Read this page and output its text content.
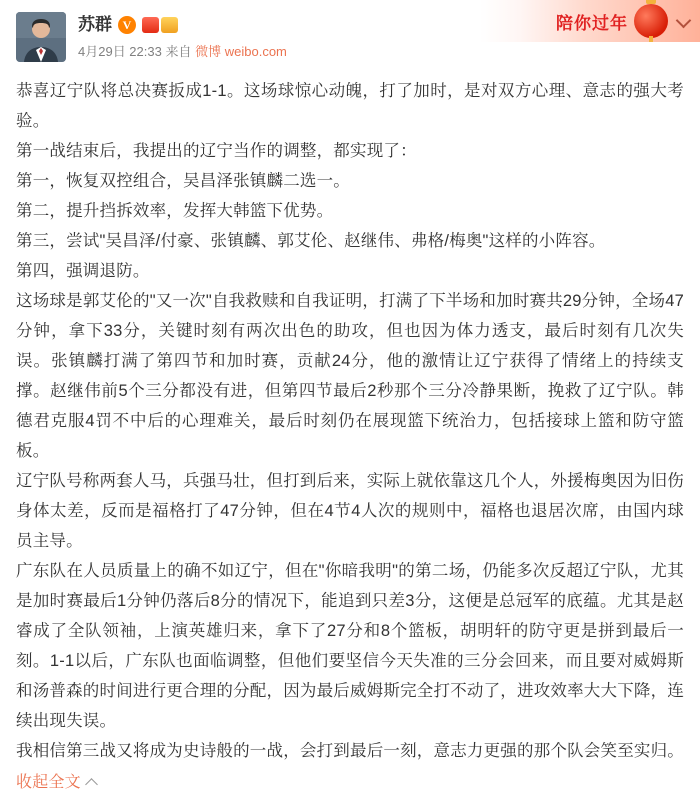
陪你过年
苏群 V
4月29日 22:33 来自 微博 weibo.com

恭喜辽宁队将总决赛扳成1-1。这场球惊心动魄，打了加时，是对双方心理、意志的强大考验。

第一战结束后，我提出的辽宁当作的调整，都实现了：

第一，恢复双控组合，吴昌泽张镇麟二选一。

第二，提升挡拆效率，发挥大韩篮下优势。

第三，尝试"吴昌泽/付豪、张镇麟、郭艾伦、赵继伟、弗格/梅奥"这样的小阵容。

第四，强调退防。

这场球是郭艾伦的"又一次"自我救赎和自我证明，打满了下半场和加时赛共29分钟，全场47分钟，拿下33分，关键时刻有两次出色的助攻，但也因为体力透支，最后时刻有几次失误。张镇麟打满了第四节和加时赛，贡献24分，他的激情让辽宁获得了情绪上的持续支撑。赵继伟前5个三分都没有进，但第四节最后2秒那个三分冷静果断，挽救了辽宁队。韩德君克服4罚不中后的心理难关，最后时刻仍在展现篮下统治力，包括接球上篮和防守篮板。

辽宁队号称两套人马，兵强马壮，但打到后来，实际上就依靠这几个人，外援梅奥因为旧伤身体太差，反而是福格打了47分钟，但在4节4人次的规则中，福格也退居次席，由国内球员主导。

广东队在人员质量上的确不如辽宁，但在"你暗我明"的第二场，仍能多次反超辽宁队，尤其是加时赛最后1分钟仍落后8分的情况下，能追到只差3分，这便是总冠军的底蕴。尤其是赵睿成了全队领袖，上演英雄归来，拿下了27分和8个篮板，胡明轩的防守更是拼到最后一刻。1-1以后，广东队也面临调整，但他们要坚信今天失准的三分会回来，而且要对威姆斯和汤普森的时间进行更合理的分配，因为最后威姆斯完全打不动了，进攻效率大大下降，连续出现失误。

我相信第三战又将成为史诗般的一战，会打到最后一刻，意志力更强的那个队会笑至实归。
收起全文
